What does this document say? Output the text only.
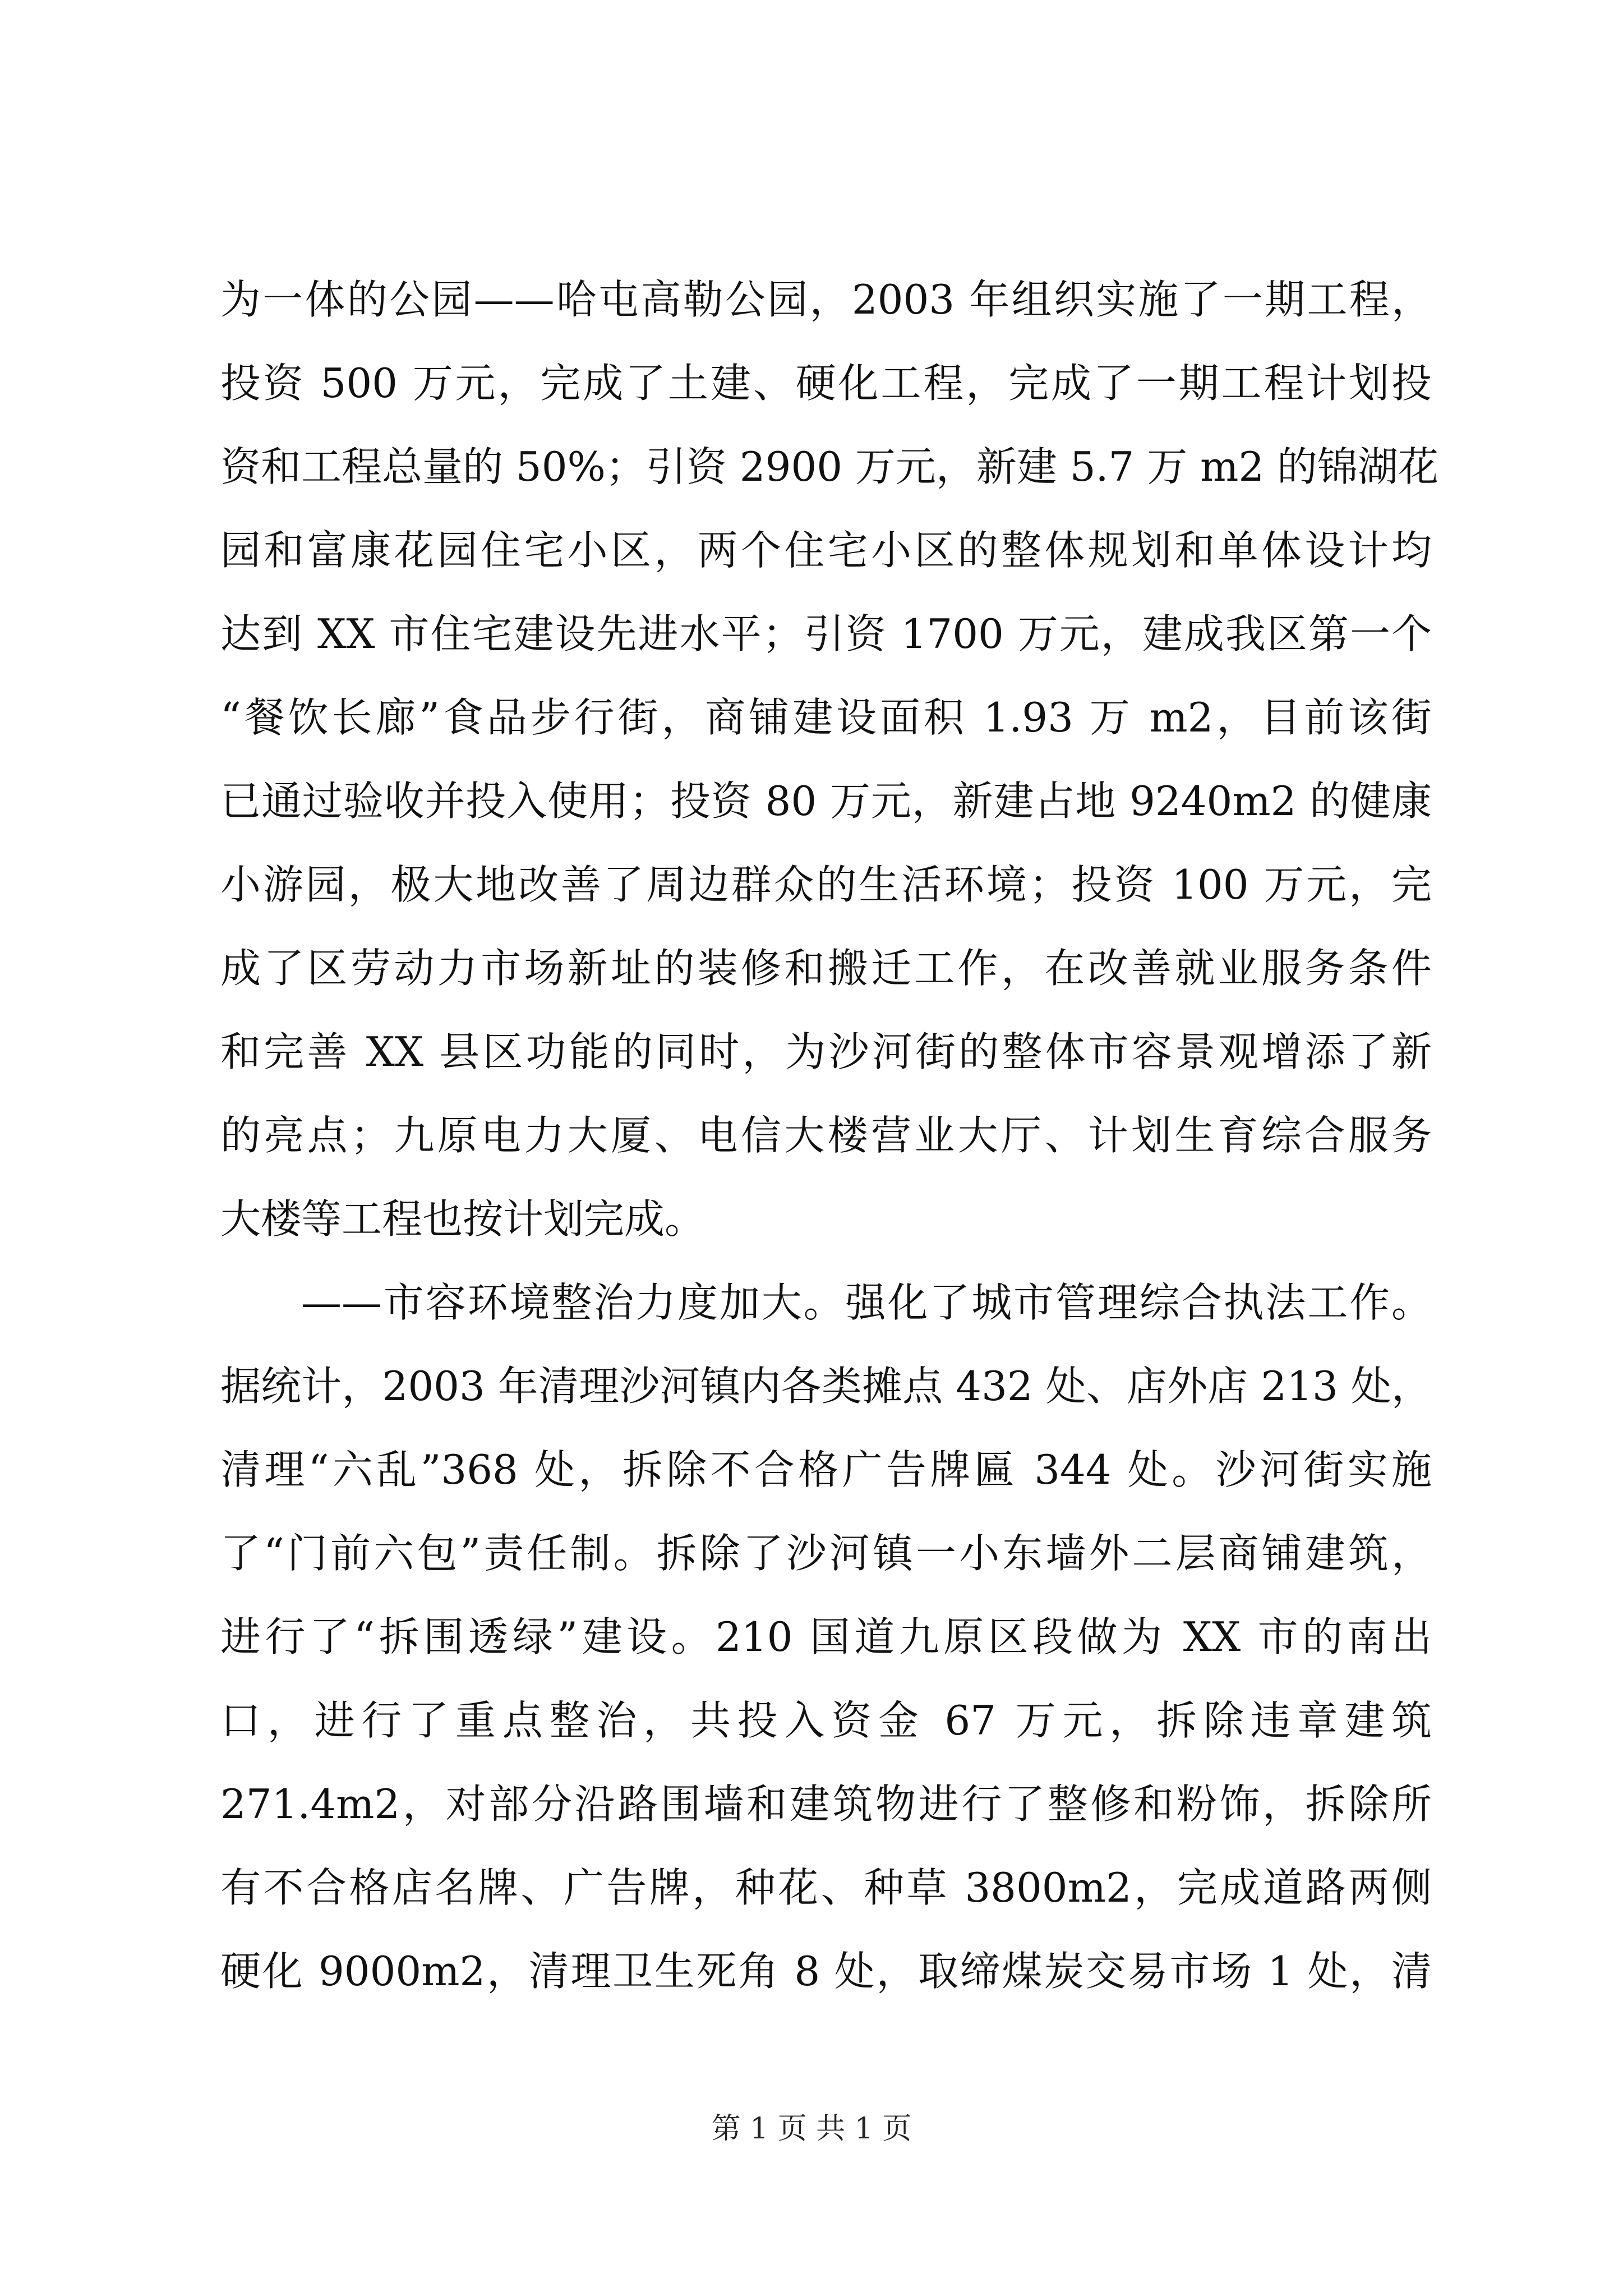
为一体的公园——哈屯高勒公园，2003 年组织实施了一期工程，
投资 500 万元，完成了土建、硬化工程，完成了一期工程计划投
资和工程总量的 50%；引资 2900 万元，新建 5.7 万 m2 的锦湖花
园和富康花园住宅小区，两个住宅小区的整体规划和单体设计均
达到 XX 市住宅建设先进水平；引资 1700 万元，建成我区第一个
“餐饮长廊”食品步行街，商铺建设面积 1.93 万 m2，目前该街
已通过验收并投入使用；投资 80 万元，新建占地 9240m2 的健康
小游园，极大地改善了周边群众的生活环境；投资 100 万元，完
成了区劳动力市场新址的装修和搬迁工作，在改善就业服务条件
和完善 XX 县区功能的同时，为沙河街的整体市容景观增添了新
的亮点；九原电力大厦、电信大楼营业大厅、计划生育综合服务
大楼等工程也按计划完成。
——市容环境整治力度加大。强化了城市管理综合执法工作。
据统计，2003 年清理沙河镇内各类摊点 432 处、店外店 213 处，
清理“六乱”368 处，拆除不合格广告牌匾 344 处。沙河街实施
了“门前六包”责任制。拆除了沙河镇一小东墙外二层商铺建筑，
进行了“拆围透绿”建设。210 国道九原区段做为 XX 市的南出
口，进行了重点整治，共投入资金 67 万元，拆除违章建筑
271.4m2，对部分沿路围墙和建筑物进行了整修和粉饰，拆除所
有不合格店名牌、广告牌，种花、种草 3800m2，完成道路两侧
硬化 9000m2，清理卫生死角 8 处，取缔煤炭交易市场 1 处，清
第 1 页 共 1 页
